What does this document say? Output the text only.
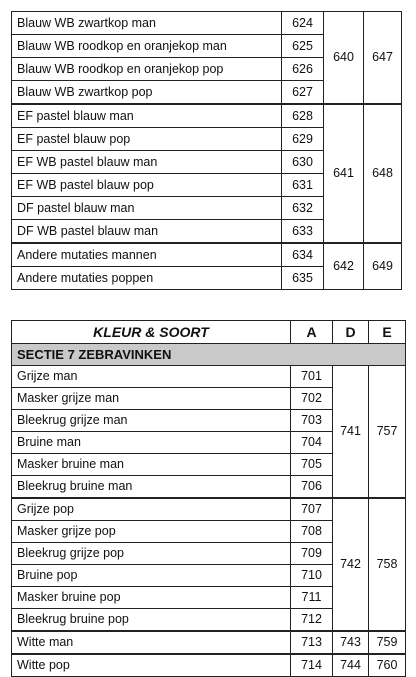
Blauw WB zwartkop man	624	640	647
Blauw WB roodkop en oranjekop man	625		
Blauw WB roodkop en oranjekop pop	626		
Blauw WB zwartkop pop	627		
EF pastel blauw man	628	641	648
EF pastel blauw pop	629		
EF WB pastel blauw man	630		
EF WB pastel blauw pop	631		
DF pastel blauw man	632		
DF WB pastel blauw man	633		
Andere mutaties mannen	634	642	649
Andere mutaties poppen	635		
KLEUR & SOORT	A	D	E
SECTIE 7 ZEBRAVINKEN			
Grijze man	701	741	757
Masker grijze man	702		
Bleekrug grijze man	703		
Bruine man	704		
Masker bruine man	705		
Bleekrug bruine man	706		
Grijze pop	707	742	758
Masker grijze pop	708		
Bleekrug grijze pop	709		
Bruine pop	710		
Masker bruine pop	711		
Bleekrug bruine pop	712		
Witte man	713	743	759
Witte pop	714	744	760
